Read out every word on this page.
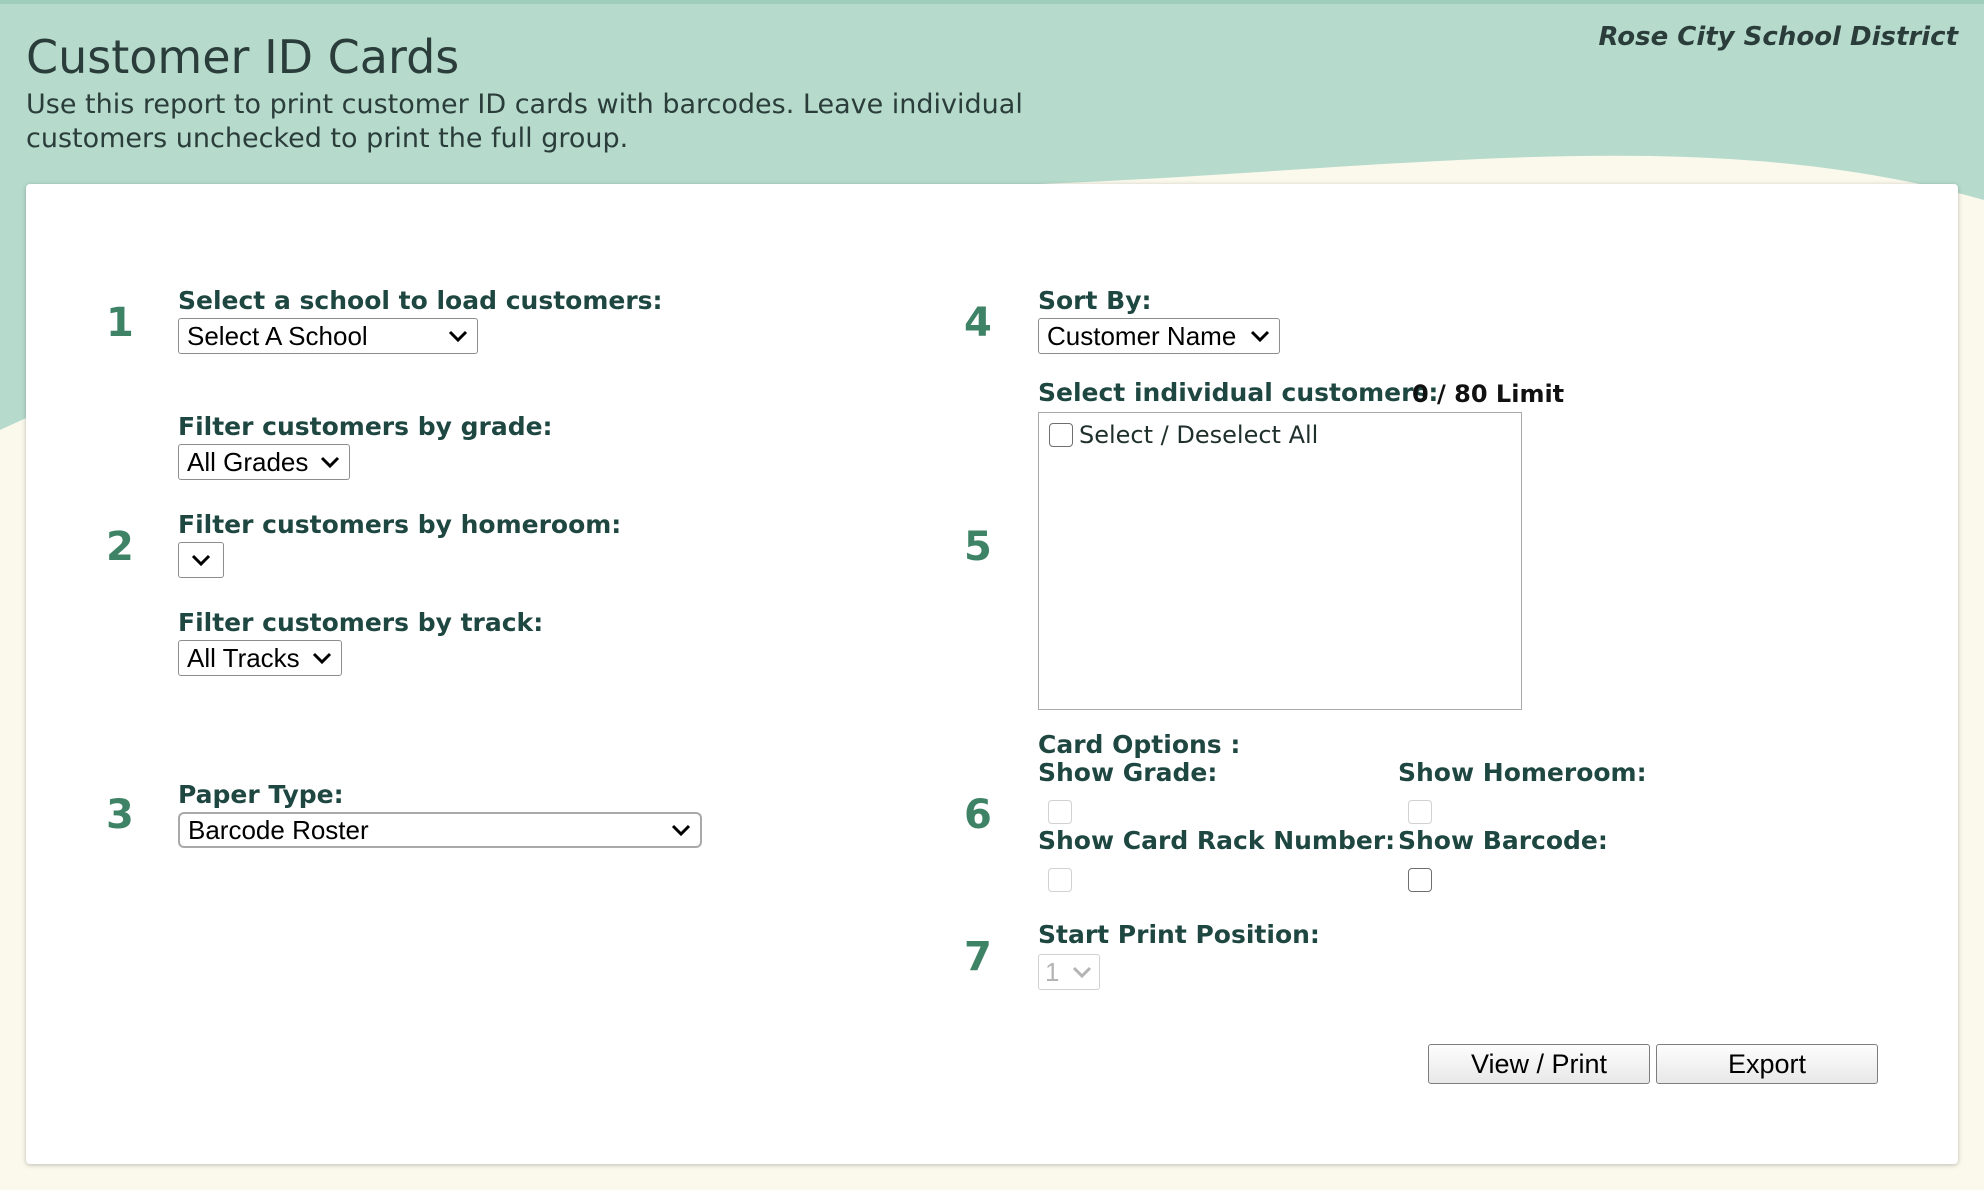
Customer ID Cards

Use this report to print customer ID cards with barcodes. Leave individual customers unchecked to print the full group.

Rose City School District
1 Select a school to load customers:
Select A School
2
Filter customers by grade:
All Grades
Filter customers by homeroom:
Filter customers by track:
All Tracks
3 Paper Type:
Barcode Roster
4 Sort By:
Customer Name
5
Select individual customers:
0 / 80 Limit
Select / Deselect All
6
Card Options :
Show Grade:	Show Homeroom:
Show Card Rack Number: Show Barcode:
7 Start Print Position:
1
View / Print	Export
